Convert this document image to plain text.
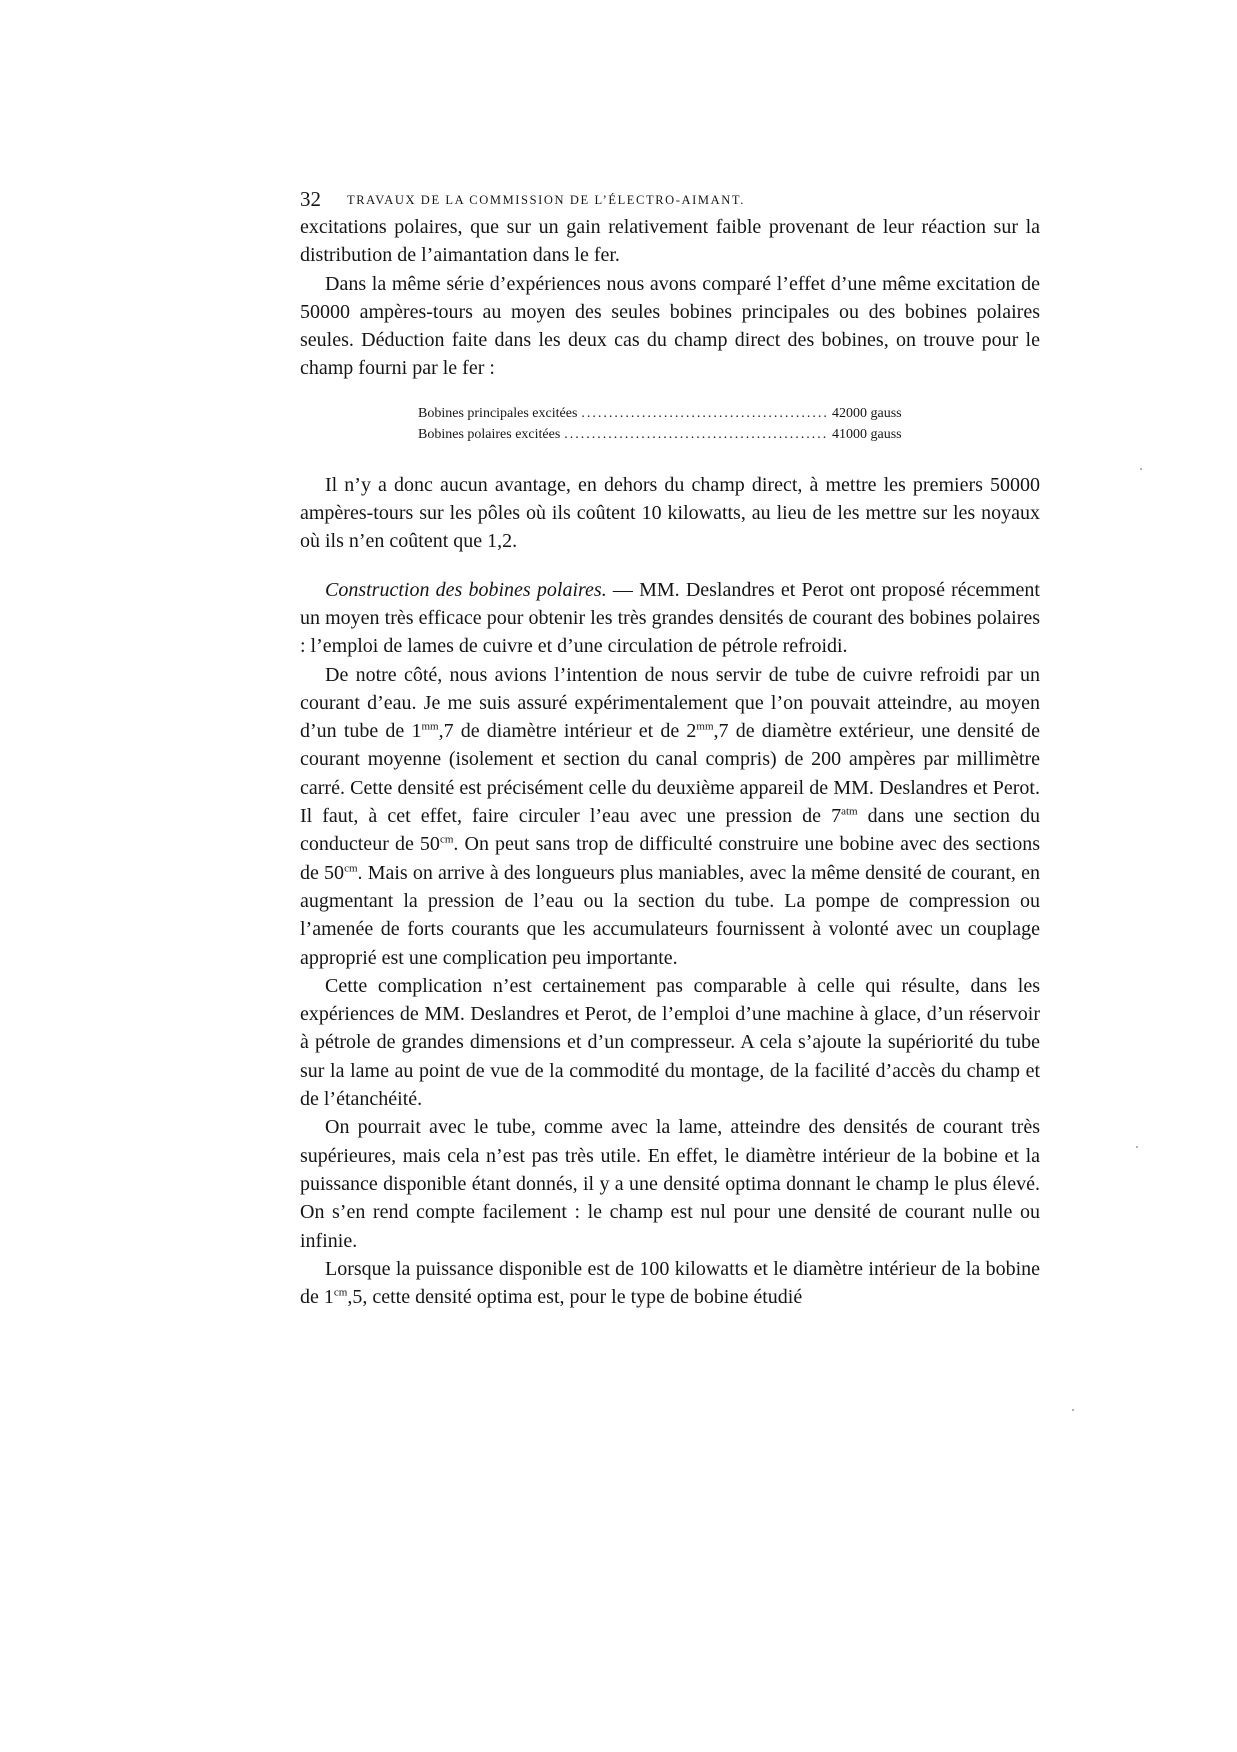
32 TRAVAUX DE LA COMMISSION DE L’ÉLECTRO-AIMANT.

excitations polaires, que sur un gain relativement faible provenant de leur réaction sur la distribution de l’aimantation dans le fer.

Dans la même série d’expériences nous avons comparé l’effet d’une même excitation de 50000 ampères-tours au moyen des seules bobines principales ou des bobines polaires seules. Déduction faite dans les deux cas du champ direct des bobines, on trouve pour le champ fourni par le fer :

Bobines principales excitées .....	42000 gauss
Bobines polaires excitées .....	41000 gauss

Il n’y a donc aucun avantage, en dehors du champ direct, à mettre les premiers 50000 ampères-tours sur les pôles où ils coûtent 10 kilowatts, au lieu de les mettre sur les noyaux où ils n’en coûtent que 1,2.

Construction des bobines polaires. — MM. Deslandres et Perot ont proposé récemment un moyen très efficace pour obtenir les très grandes densités de courant des bobines polaires : l’emploi de lames de cuivre et d’une circulation de pétrole refroidi.

De notre côté, nous avions l’intention de nous servir de tube de cuivre refroidi par un courant d’eau. Je me suis assuré expérimentalement que l’on pouvait atteindre, au moyen d’un tube de $1^{mm},7$ de diamètre intérieur et de $2^{mm},7$ de diamètre extérieur, une densité de courant moyenne (isolement et section du canal compris) de 200 ampères par millimètre carré. Cette densité est précisément celle du deuxième appareil de MM. Deslandres et Perot. Il faut, à cet effet, faire circuler l’eau avec une pression de $7^{atm}$ dans une section du conducteur de $50^{cm}$. On peut sans trop de difficulté construire une bobine avec des sections de $50^{cm}$. Mais on arrive à des longueurs plus maniables, avec la même densité de courant, en augmentant la pression de l’eau ou la section du tube. La pompe de compression ou l’amenée de forts courants que les accumulateurs fournissent à volonté avec un couplage approprié est une complication peu importante.

Cette complication n’est certainement pas comparable à celle qui résulte, dans les expériences de MM. Deslandres et Perot, de l’emploi d’une machine à glace, d’un réservoir à pétrole de grandes dimensions et d’un compresseur. A cela s’ajoute la supériorité du tube sur la lame au point de vue de la commodité du montage, de la facilité d’accès du champ et de l’étanchéité.

On pourrait avec le tube, comme avec la lame, atteindre des densités de courant très supérieures, mais cela n’est pas très utile. En effet, le diamètre intérieur de la bobine et la puissance disponible étant donnés, il y a une densité optima donnant le champ le plus élevé. On s’en rend compte facilement : le champ est nul pour une densité de courant nulle ou infinie.

Lorsque la puissance disponible est de 100 kilowatts et le diamètre intérieur de la bobine de $1^{cm},5$, cette densité optima est, pour le type de bobine étudié
